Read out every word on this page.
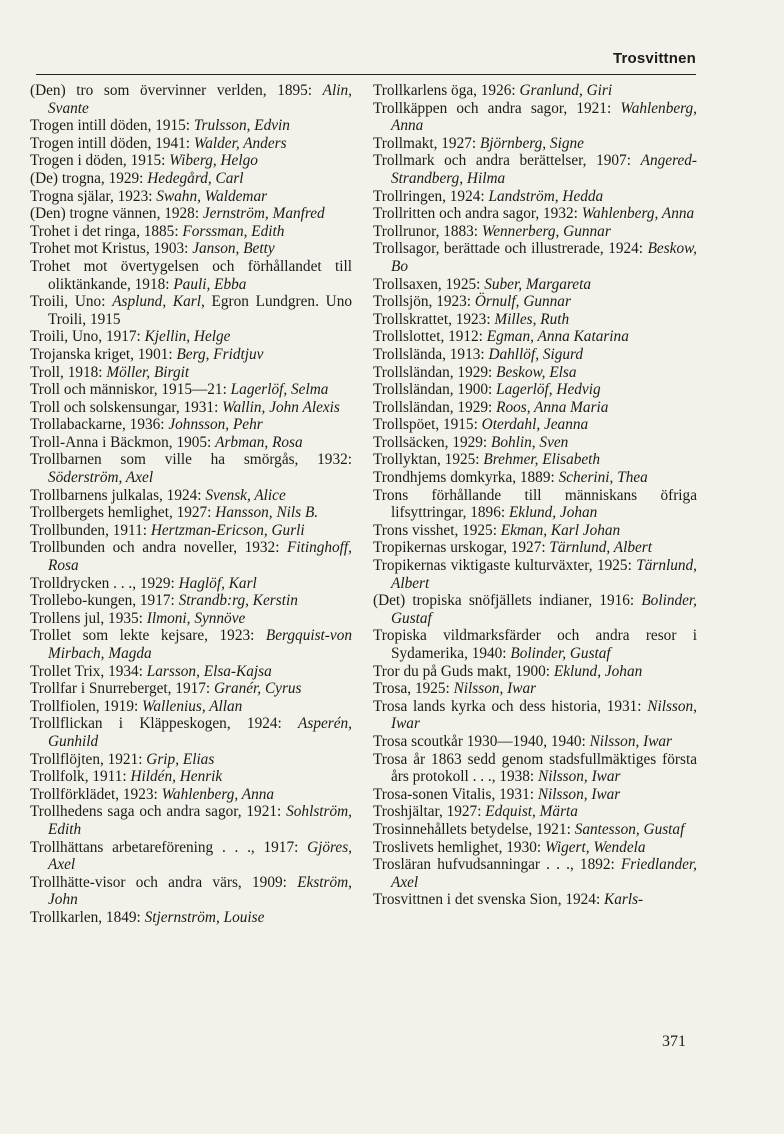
Trosvittnen

(Den) tro som övervinner verlden, 1895: Alin, Svante

Trogen intill döden, 1915: Trulsson, Edvin

Trogen intill döden, 1941: Walder, Anders

Trogen i döden, 1915: Wiberg, Helgo

(De) trogna, 1929: Hedegård, Carl

Trogna själar, 1923: Swahn, Waldemar

(Den) trogne vännen, 1928: Jernström, Manfred

Trohet i det ringa, 1885: Forssman, Edith

Trohet mot Kristus, 1903: Janson, Betty

Trohet mot övertygelsen och förhållandet till oliktänkande, 1918: Pauli, Ebba

Troili, Uno: Asplund, Karl, Egron Lundgren. Uno Troili, 1915

Troili, Uno, 1917: Kjellin, Helge

Trojanska kriget, 1901: Berg, Fridtjuv

Troll, 1918: Möller, Birgit

Troll och människor, 1915—21: Lagerlöf, Selma

Troll och solskensungar, 1931: Wallin, John Alexis

Trollabackarne, 1936: Johnsson, Pehr

Troll-Anna i Bäckmon, 1905: Arbman, Rosa

Trollbarnen som ville ha smörgås, 1932: Söderström, Axel

Trollbarnens julkalas, 1924: Svensk, Alice

Trollbergets hemlighet, 1927: Hansson, Nils B.

Trollbunden, 1911: Hertzman-Ericson, Gurli

Trollbunden och andra noveller, 1932: Fitinghoff, Rosa

Trolldrycken . . ., 1929: Haglöf, Karl

Trollebo-kungen, 1917: Strandb:rg, Kerstin

Trollens jul, 1935: Ilmoni, Synnöve

Trollet som lekte kejsare, 1923: Bergquist-von Mirbach, Magda

Trollet Trix, 1934: Larsson, Elsa-Kajsa

Trollfar i Snurreberget, 1917: Granér, Cyrus

Trollfiolen, 1919: Wallenius, Allan

Trollflickan i Kläppeskogen, 1924: Asperén, Gunhild

Trollflöjten, 1921: Grip, Elias

Trollfolk, 1911: Hildén, Henrik

Trollförklädet, 1923: Wahlenberg, Anna

Trollhedens saga och andra sagor, 1921: Sohlström, Edith

Trollhättans arbetareförening . . ., 1917: Gjöres, Axel

Trollhätte-visor och andra värs, 1909: Ekström, John

Trollkarlen, 1849: Stjernström, Louise

Trollkarlens öga, 1926: Granlund, Giri

Trollkäppen och andra sagor, 1921: Wahlenberg, Anna

Trollmakt, 1927: Björnberg, Signe

Trollmark och andra berättelser, 1907: Angered-Strandberg, Hilma

Trollringen, 1924: Landström, Hedda

Trollritten och andra sagor, 1932: Wahlenberg, Anna

Trollrunor, 1883: Wennerberg, Gunnar

Trollsagor, berättade och illustrerade, 1924: Beskow, Bo

Trollsaxen, 1925: Suber, Margareta

Trollsjön, 1923: Örnulf, Gunnar

Trollskrattet, 1923: Milles, Ruth

Trollslottet, 1912: Egman, Anna Katarina

Trollslända, 1913: Dahllöf, Sigurd

Trollsländan, 1929: Beskow, Elsa

Trollsländan, 1900: Lagerlöf, Hedvig

Trollsländan, 1929: Roos, Anna Maria

Trollspöet, 1915: Oterdahl, Jeanna

Trollsäcken, 1929: Bohlin, Sven

Trollyktan, 1925: Brehmer, Elisabeth

Trondhjems domkyrka, 1889: Scherini, Thea

Trons förhållande till människans öfriga lifsyttringar, 1896: Eklund, Johan

Trons visshet, 1925: Ekman, Karl Johan

Tropikernas urskogar, 1927: Tärnlund, Albert

Tropikernas viktigaste kulturväxter, 1925: Tärnlund, Albert

(Det) tropiska snöfjällets indianer, 1916: Bolinder, Gustaf

Tropiska vildmarksfärder och andra resor i Sydamerika, 1940: Bolinder, Gustaf

Tror du på Guds makt, 1900: Eklund, Johan

Trosa, 1925: Nilsson, Iwar

Trosa lands kyrka och dess historia, 1931: Nilsson, Iwar

Trosa scoutkår 1930—1940, 1940: Nilsson, Iwar

Trosa år 1863 sedd genom stadsfullmäktiges första års protokoll . . ., 1938: Nilsson, Iwar

Trosa-sonen Vitalis, 1931: Nilsson, Iwar

Troshjältar, 1927: Edquist, Märta

Trosinnehållets betydelse, 1921: Santesson, Gustaf

Troslivets hemlighet, 1930: Wigert, Wendela

Trosläran hufvudsanningar . . ., 1892: Friedlander, Axel

Trosvittnen i det svenska Sion, 1924: Karls-

371
